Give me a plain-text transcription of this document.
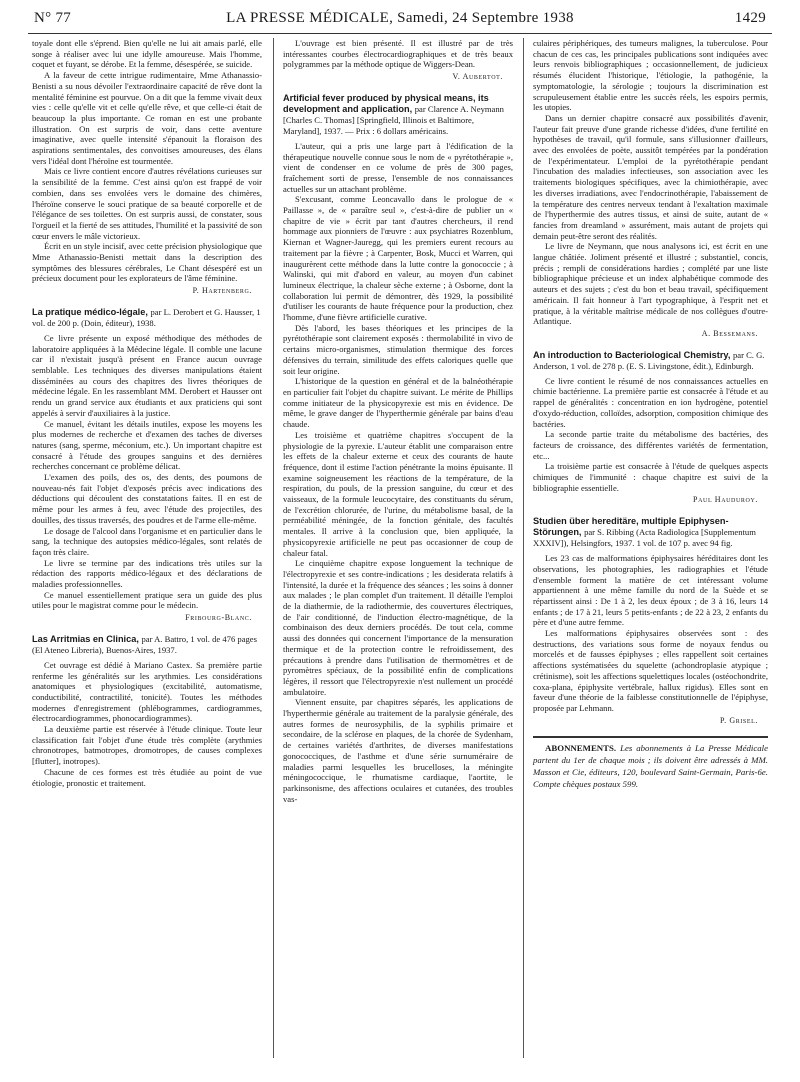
N° 77	LA PRESSE MÉDICALE, Samedi, 24 Septembre 1938	1429

toyale dont elle s'éprend. Bien qu'elle ne lui ait amais parlé, elle songe à réaliser avec lui une idylle amoureuse. Mais l'homme, coquet et fuyant, se dérobe. Et la femme, désespérée, se suicide.

A la faveur de cette intrigue rudimentaire, Mme Athanassio-Benisti a su nous dévoiler l'extraordinaire capacité de rêve dont la mentalité féminine est pourvue. On a dit que la femme vivait deux vies : celle qu'elle vit et celle qu'elle rêve, et que celle-ci était de beaucoup la plus importante. Ce roman en est une probante illustration. On est surpris de voir, dans cette aventure imaginative, avec quelle intensité s'épanouit la floraison des aspirations sentimentales, des convoitises amoureuses, des élans vers l'idéal dont l'héroïne est tourmentée.

Mais ce livre contient encore d'autres révélations curieuses sur la sensibilité de la femme. C'est ainsi qu'on est frappé de voir combien, dans ses envolées vers le domaine des chimères, l'héroïne conserve le souci pratique de sa beauté corporelle et de l'élégance de ses toilettes. On est surpris aussi, de constater, sous l'orgueil et la fierté de ses attitudes, l'humilité et la passivité de son cœur envers le mâle victorieux.

Écrit en un style incisif, avec cette précision physiologique que Mme Athanassio-Benisti mettait dans la description des symptômes des blessures cérébrales, Le Chant désespéré est un précieux document pour les explorateurs de l'âme féminine.

P. Hartenberg.

La pratique médico-légale, par L. Derobert et G. Hausser, 1 vol. de 200 p. (Doin, éditeur), 1938.

Ce livre présente un exposé méthodique des méthodes de laboratoire appliquées à la Médecine légale. Il comble une lacune car il n'existait jusqu'à présent en France aucun ouvrage semblable. Les techniques des diverses manipulations étaient disséminées au cours des chapitres des livres théoriques de médecine légale. En les rassemblant MM. Derobert et Hausser ont rendu un grand service aux étudiants et aux praticiens qui sont appelés à servir d'auxiliaires à la justice.

Ce manuel, évitant les détails inutiles, expose les moyens les plus modernes de recherche et d'examen des taches de diverses natures (sang, sperme, méconium, etc.). Un important chapitre est consacré à l'étude des groupes sanguins et des dernières recherches concernant ce problème délicat.

L'examen des poils, des os, des dents, des poumons de nouveau-nés fait l'objet d'exposés précis avec indications des déductions qui découlent des constatations faites. Il en est de même pour les armes à feu, avec l'étude des projectiles, des douilles, des tissus traversés, des poudres et de l'arme elle-même.

Le dosage de l'alcool dans l'organisme et en particulier dans le sang, la technique des autopsies médico-légales, sont relatés de façon très claire.

Le livre se termine par des indications très utiles sur la rédaction des rapports médico-légaux et des déclarations de maladies professionnelles.

Ce manuel essentiellement pratique sera un guide des plus utiles pour le magistrat comme pour le médecin.

Fribourg-Blanc.

Las Arritmias en Clinica, par A. Battro, 1 vol. de 476 pages (El Ateneo Libreria), Buenos-Aires, 1937.

Cet ouvrage est dédié à Mariano Castex. Sa première partie renferme les généralités sur les arythmies. Les considérations anatomiques et physiologiques (excitabilité, automatisme, conductibilité, contractilité, tonicité). Toutes les méthodes modernes d'enregistrement (phlébogrammes, cardiogrammes, électrocardiogrammes, phonocardiogrammes).

La deuxième partie est réservée à l'étude clinique. Toute leur classification fait l'objet d'une étude très complète (arythmies chronotropes, batmotropes, dromotropes, de causes complexes [flutter], inotropes).

Chacune de ces formes est très étudiée au point de vue étiologie, pronostic et traitement.

L'ouvrage est bien présenté. Il est illustré par de très intéressantes courbes électrocardiographiques et de très beaux polygrammes par la méthode optique de Wiggers-Dean.

V. Aubertot.

Artificial fever produced by physical means, its development and application, par Clarence A. Neymann [Charles C. Thomas] [Springfield, Illinois et Baltimore, Maryland], 1937. — Prix : 6 dollars américains.

L'auteur, qui a pris une large part à l'édification de la thérapeutique nouvelle connue sous le nom de « pyrétothérapie », vient de condenser en ce volume de près de 300 pages, fraîchement sorti de presse, l'ensemble de nos connaissances actuelles sur un attachant problème.

S'excusant, comme Leoncavallo dans le prologue de « Paillasse », de « paraître seul », c'est-à-dire de publier un « chapitre de vie » écrit par tant d'autres chercheurs, il rend hommage aux pionniers de l'œuvre : aux psychiatres Rozenblum, Kiernan et Wagner-Jauregg, qui les premiers eurent recours au traitement par la fièvre ; à Carpenter, Bosk, Mucci et Warren, qui inaugurèrent cette méthode dans la lutte contre la gonococcie ; à Walinski, qui mit d'abord en valeur, au moyen d'un cabinet lumineux électrique, la chaleur sèche externe ; à Osborne, dont la collaboration lui permit de démontrer, dès 1929, la possibilité d'utiliser les courants de haute fréquence pour la production, chez l'homme, d'une fièvre artificielle curative.

Dès l'abord, les bases théoriques et les principes de la pyrétothérapie sont clairement exposés : thermolabilité in vivo de certains micro-organismes, stimulation thermique des forces défensives du terrain, similitude des effets caloriques quelle que soit leur origine.

L'historique de la question en général et de la balnéothérapie en particulier fait l'objet du chapitre suivant. Le mérite de Phillips comme initiateur de la physicopyrexie est mis en évidence. De même, le grave danger de l'hyperthermie générale par bains d'eau chaude.

Les troisième et quatrième chapitres s'occupent de la physiologie de la pyrexie. L'auteur établit une comparaison entre les effets de la chaleur externe et ceux des courants de haute fréquence, dont il estime l'action pénétrante la moins épuisante. Il examine soigneusement les réactions de la température, de la respiration, du pouls, de la pression sanguine, du cœur et des vaisseaux, de la formule leucocytaire, des constituants du sérum, de l'excrétion chlorurée, de l'urine, du métabolisme basal, de la perméabilité méningée, de la fonction génitale, des facultés mentales. Il arrive à la conclusion que, bien appliquée, la physicopyrexie artificielle ne peut pas occasionner de coup de chaleur fatal.

Le cinquième chapitre expose longuement la technique de l'électropyrexie et ses contre-indications ; les desiderata relatifs à l'intensité, la durée et la fréquence des séances ; les soins à donner aux malades ; le plan complet d'un traitement. Il détaille l'emploi de la diathermie, de la radiothermie, des couvertures électriques, de l'air conditionné, de l'induction électro-magnétique, de la combinaison des deux derniers procédés. De tout cela, comme aussi des données qui concernent l'importance de la mensuration thermique et de la protection contre le refroidissement, des précautions à prendre dans l'utilisation de thermomètres et de pyromètres spéciaux, de la possibilité enfin de complications légères, il ressort que l'électropyrexie n'est nullement un procédé ambulatoire.

Viennent ensuite, par chapitres séparés, les applications de l'hyperthermie générale au traitement de la paralysie générale, des autres formes de neurosyphilis, de la syphilis primaire et secondaire, de la sclérose en plaques, de la chorée de Sydenham, de certaines variétés d'arthrites, de diverses manifestations gonococciques, de l'asthme et d'une série surnuméraire de maladies parmi lesquelles les brucelloses, la méningite méningococcique, le rhumatisme cardiaque, l'aortite, le parkinsonisme, des affections oculaires et cutanées, des troubles vas-

culaires périphériques, des tumeurs malignes, la tuberculose. Pour chacun de ces cas, les principales publications sont indiquées avec leurs renvois bibliographiques ; occasionnellement, de judicieux résumés élucident l'historique, l'étiologie, la pathogénie, la symptomatologie, la sérologie ; toujours la discrimination est scrupuleusement établie entre les succès réels, les espoirs permis, les utopies.

Dans un dernier chapitre consacré aux possibilités d'avenir, l'auteur fait preuve d'une grande richesse d'idées, d'une fertilité en hypothèses de travail, qu'il formule, sans s'illusionner d'ailleurs, avec des envolées de poète, aussitôt tempérées par la pondération de l'expérimentateur. L'emploi de la pyrétothérapie pendant l'incubation des maladies infectieuses, son association avec les traitements biologiques spécifiques, avec la chimiothérapie, avec les diverses irradiations, avec l'endocrinothérapie, l'abaissement de la température des centres nerveux tendant à l'exaltation maximale de l'hyperthermie des autres tissus, et ainsi de suite, autant de « fancies from dreamland » assurément, mais autant de projets qui demain peut-être seront des réalités.

Le livre de Neymann, que nous analysons ici, est écrit en une langue châtiée. Joliment présenté et illustré ; substantiel, concis, précis ; rempli de considérations hardies ; complété par une liste bibliographique précieuse et un index alphabétique commode des auteurs et des sujets ; c'est du bon et beau travail, spécifiquement américain. Il fait honneur à l'art typographique, à l'esprit net et pratique, à la véritable maîtrise médicale de nos collègues d'outre-Atlantique.

A. Bessemans.

An introduction to Bacteriological Chemistry, par C. G. Anderson, 1 vol. de 278 p. (E. S. Livingstone, édit.), Edinburgh.

Ce livre contient le résumé de nos connaissances actuelles en chimie bactérienne. La première partie est consacrée à l'étude et au rappel de généralités : concentration en ion hydrogène, potentiel d'oxydo-réduction, colloïdes, adsorption, composition chimique des bactéries.

La seconde partie traite du métabolisme des bactéries, des facteurs de croissance, des différentes variétés de fermentation, etc...

La troisième partie est consacrée à l'étude de quelques aspects chimiques de l'immunité : chaque chapitre est suivi de la bibliographie essentielle.

Paul Hauduroy.

Studien über hereditäre, multiple Epiphysen-Störungen, par S. Ribbing (Acta Radiologica [Supplementum XXXIV]), Helsingfors, 1937. 1 vol. de 107 p. avec 94 fig.

Les 23 cas de malformations épiphysaires héréditaires dont les observations, les photographies, les radiographies et l'étude d'ensemble forment la matière de cet intéressant volume appartiennent à une même famille du nord de la Suède et se répartissent ainsi : De 1 à 2, les deux époux ; de 3 à 16, leurs 14 enfants ; de 17 à 21, leurs 5 petits-enfants ; de 22 à 23, 2 enfants du père et d'une autre femme.

Les malformations épiphysaires observées sont : des destructions, des variations sous forme de noyaux fendus ou morcelés et de fausses épiphyses ; elles rappellent soit certaines affections systématisées du squelette (achondroplasie atypique ; crétinisme), soit les affections squelettiques locales (ostéochondrite, coxa-plana, épiphysite vertébrale, hallux rigidus). Elles sont en faveur d'une théorie de la faiblesse constitutionnelle de l'épiphyse, proposée par Lehmann.

P. Grisel.

ABONNEMENTS. Les abonnements à La Presse Médicale partent du 1er de chaque mois ; ils doivent être adressés à MM. Masson et Cie, éditeurs, 120, boulevard Saint-Germain, Paris-6e. Compte chèques postaux 599.
